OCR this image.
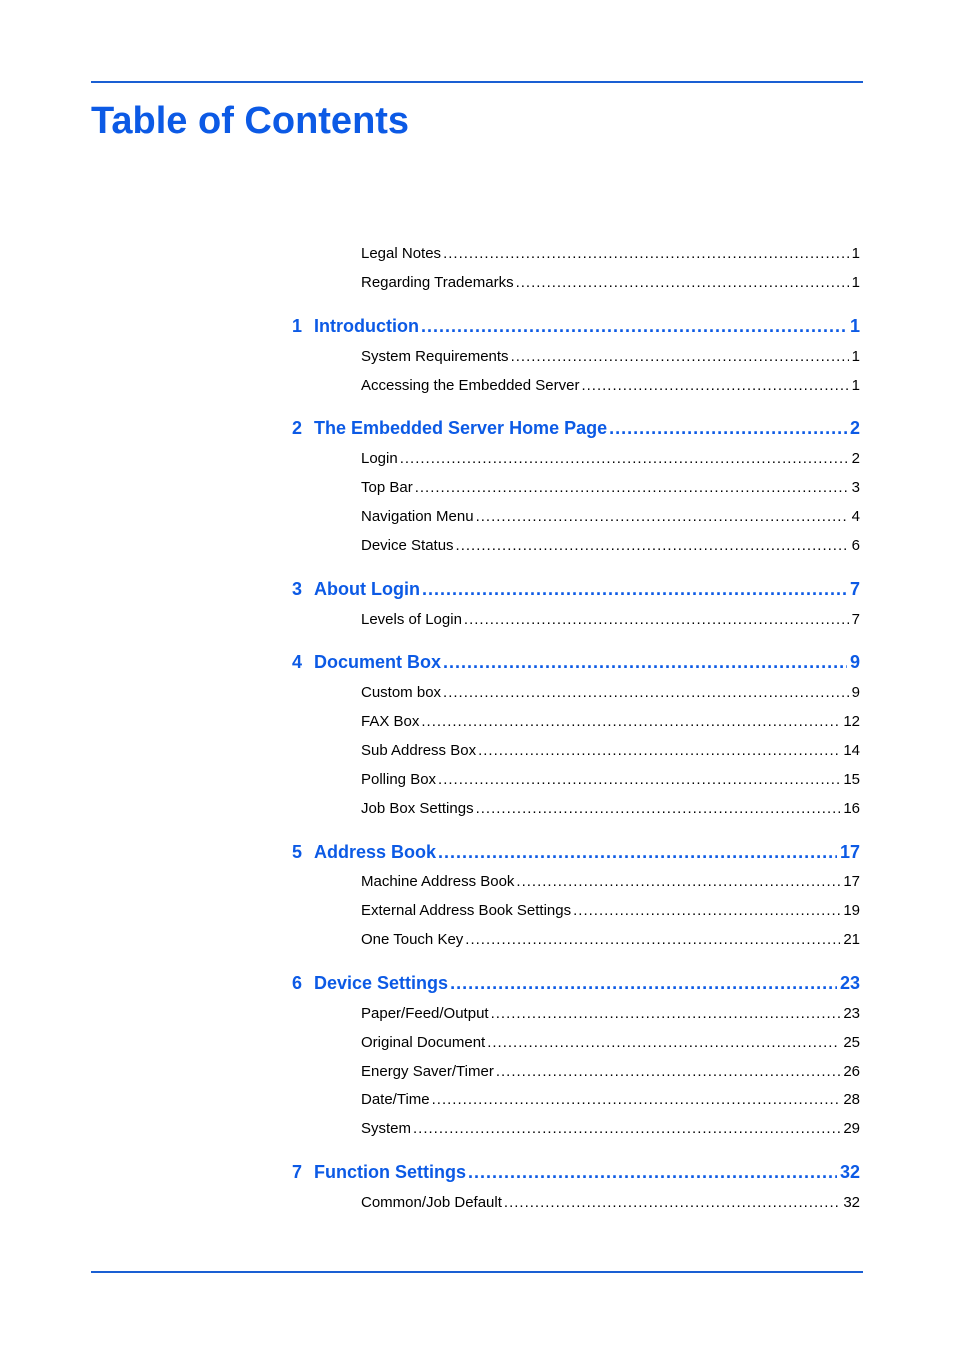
Table of Contents
Legal Notes .....	1
Regarding Trademarks .....	1
1 Introduction .....	1
System Requirements .....	1
Accessing the Embedded Server .....	1
2 The Embedded Server Home Page .....	2
Login .....	2
Top Bar .....	3
Navigation Menu .....	4
Device Status .....	6
3 About Login .....	7
Levels of Login .....	7
4 Document Box .....	9
Custom box .....	9
FAX Box .....	12
Sub Address Box .....	14
Polling Box .....	15
Job Box Settings .....	16
5 Address Book .....	17
Machine Address Book .....	17
External Address Book Settings .....	19
One Touch Key .....	21
6 Device Settings .....	23
Paper/Feed/Output .....	23
Original Document .....	25
Energy Saver/Timer .....	26
Date/Time .....	28
System .....	29
7 Function Settings .....	32
Common/Job Default .....	32
